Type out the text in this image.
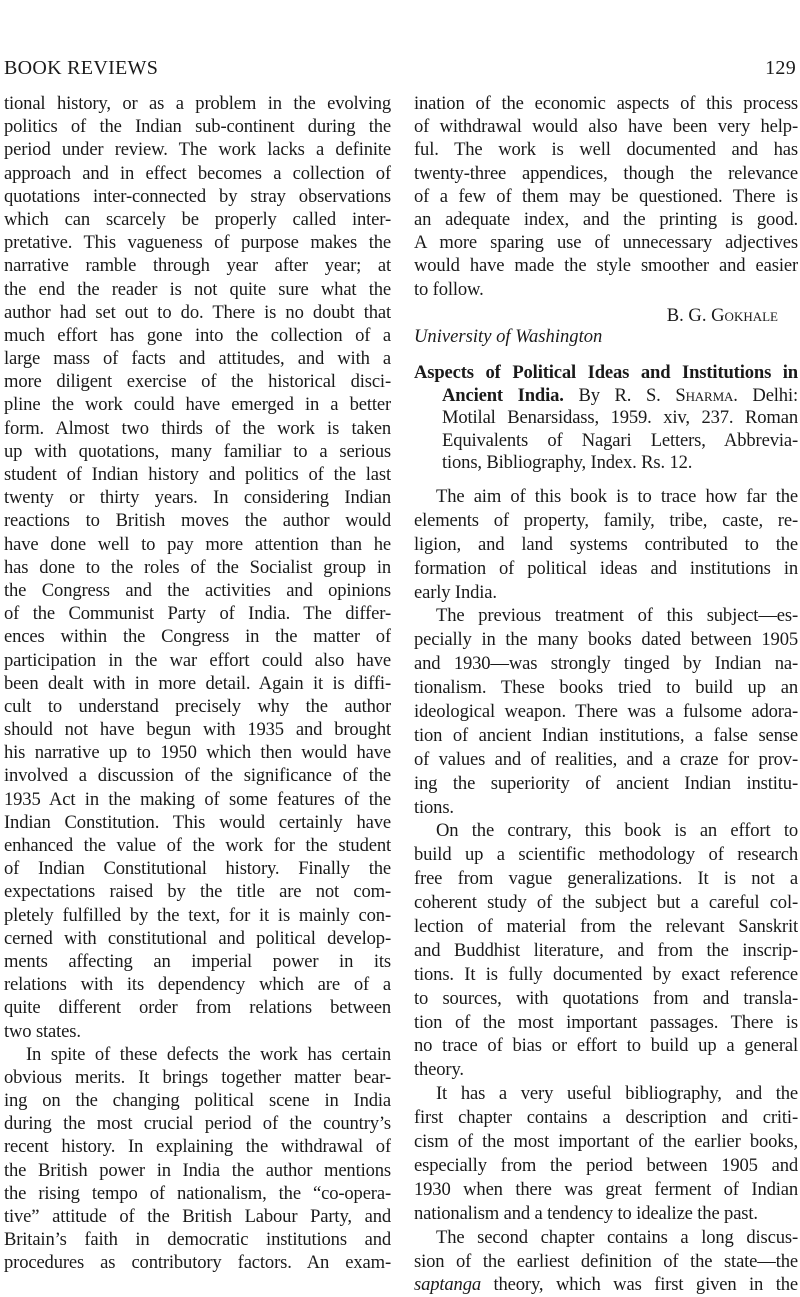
BOOK REVIEWS	129
tional history, or as a problem in the evolving
politics of the Indian sub-continent during the
period under review. The work lacks a definite
approach and in effect becomes a collection of
quotations inter-connected by stray observations
which can scarcely be properly called inter-
pretative. This vagueness of purpose makes the
narrative ramble through year after year; at
the end the reader is not quite sure what the
author had set out to do. There is no doubt that
much effort has gone into the collection of a
large mass of facts and attitudes, and with a
more diligent exercise of the historical disci-
pline the work could have emerged in a better
form. Almost two thirds of the work is taken
up with quotations, many familiar to a serious
student of Indian history and politics of the last
twenty or thirty years. In considering Indian
reactions to British moves the author would
have done well to pay more attention than he
has done to the roles of the Socialist group in
the Congress and the activities and opinions
of the Communist Party of India. The differ-
ences within the Congress in the matter of
participation in the war effort could also have
been dealt with in more detail. Again it is diffi-
cult to understand precisely why the author
should not have begun with 1935 and brought
his narrative up to 1950 which then would have
involved a discussion of the significance of the
1935 Act in the making of some features of the
Indian Constitution. This would certainly have
enhanced the value of the work for the student
of Indian Constitutional history. Finally the
expectations raised by the title are not com-
pletely fulfilled by the text, for it is mainly con-
cerned with constitutional and political develop-
ments affecting an imperial power in its
relations with its dependency which are of a
quite different order from relations between
two states.
In spite of these defects the work has certain
obvious merits. It brings together matter bear-
ing on the changing political scene in India
during the most crucial period of the country’s
recent history. In explaining the withdrawal of
the British power in India the author mentions
the rising tempo of nationalism, the “co-opera-
tive” attitude of the British Labour Party, and
Britain’s faith in democratic institutions and
procedures as contributory factors. An exam-
ination of the economic aspects of this process
of withdrawal would also have been very help-
ful. The work is well documented and has
twenty-three appendices, though the relevance
of a few of them may be questioned. There is
an adequate index, and the printing is good.
A more sparing use of unnecessary adjectives
would have made the style smoother and easier
to follow.
B. G. Gokhale
University of Washington
Aspects of Political Ideas and Institutions in
Ancient India. By R. S. Sharma. Delhi:
Motilal Benarsidass, 1959. xiv, 237. Roman
Equivalents of Nagari Letters, Abbrevia-
tions, Bibliography, Index. Rs. 12.
The aim of this book is to trace how far the
elements of property, family, tribe, caste, re-
ligion, and land systems contributed to the
formation of political ideas and institutions in
early India.
The previous treatment of this subject—es-
pecially in the many books dated between 1905
and 1930—was strongly tinged by Indian na-
tionalism. These books tried to build up an
ideological weapon. There was a fulsome adora-
tion of ancient Indian institutions, a false sense
of values and of realities, and a craze for prov-
ing the superiority of ancient Indian institu-
tions.
On the contrary, this book is an effort to
build up a scientific methodology of research
free from vague generalizations. It is not a
coherent study of the subject but a careful col-
lection of material from the relevant Sanskrit
and Buddhist literature, and from the inscrip-
tions. It is fully documented by exact reference
to sources, with quotations from and transla-
tion of the most important passages. There is
no trace of bias or effort to build up a general
theory.
It has a very useful bibliography, and the
first chapter contains a description and criti-
cism of the most important of the earlier books,
especially from the period between 1905 and
1930 when there was great ferment of Indian
nationalism and a tendency to idealize the past.
The second chapter contains a long discus-
sion of the earliest definition of the state—the
saptanga theory, which was first given in the
